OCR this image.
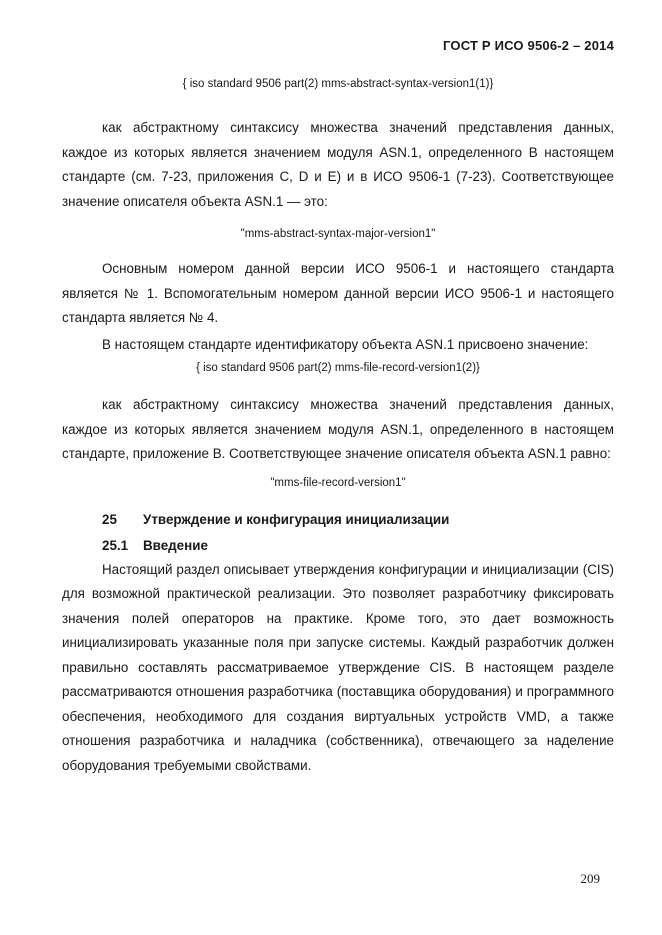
ГОСТ Р ИСО 9506-2 – 2014
{ iso standard 9506 part(2) mms-abstract-syntax-version1(1)}

как абстрактному синтаксису множества значений представления данных, каждое из которых является значением модуля ASN.1, определенного В настоящем стандарте (см. 7-23, приложения С, D и Е) и в ИСО 9506-1 (7-23). Соответствующее значение описателя объекта ASN.1 — это:

"mms-abstract-syntax-major-version1"

Основным номером данной версии ИСО 9506-1 и настоящего стандарта является № 1. Вспомогательным номером данной версии ИСО 9506-1 и настоящего стандарта является № 4.

В настоящем стандарте идентификатору объекта ASN.1 присвоено значение:

{ iso standard 9506 part(2) mms-file-record-version1(2)}

как абстрактному синтаксису множества значений представления данных, каждое из которых является значением модуля ASN.1, определенного в настоящем стандарте, приложение В. Соответствующее значение описателя объекта ASN.1 равно:

"mms-file-record-version1"

25 Утверждение и конфигурация инициализации

25.1 Введение

Настоящий раздел описывает утверждения конфигурации и инициализации (CIS) для возможной практической реализации. Это позволяет разработчику фиксировать значения полей операторов на практике. Кроме того, это дает возможность инициализировать указанные поля при запуске системы. Каждый разработчик должен правильно составлять рассматриваемое утверждение CIS. В настоящем разделе рассматриваются отношения разработчика (поставщика оборудования) и программного обеспечения, необходимого для создания виртуальных устройств VMD, а также отношения разработчика и наладчика (собственника), отвечающего за наделение оборудования требуемыми свойствами.

209
